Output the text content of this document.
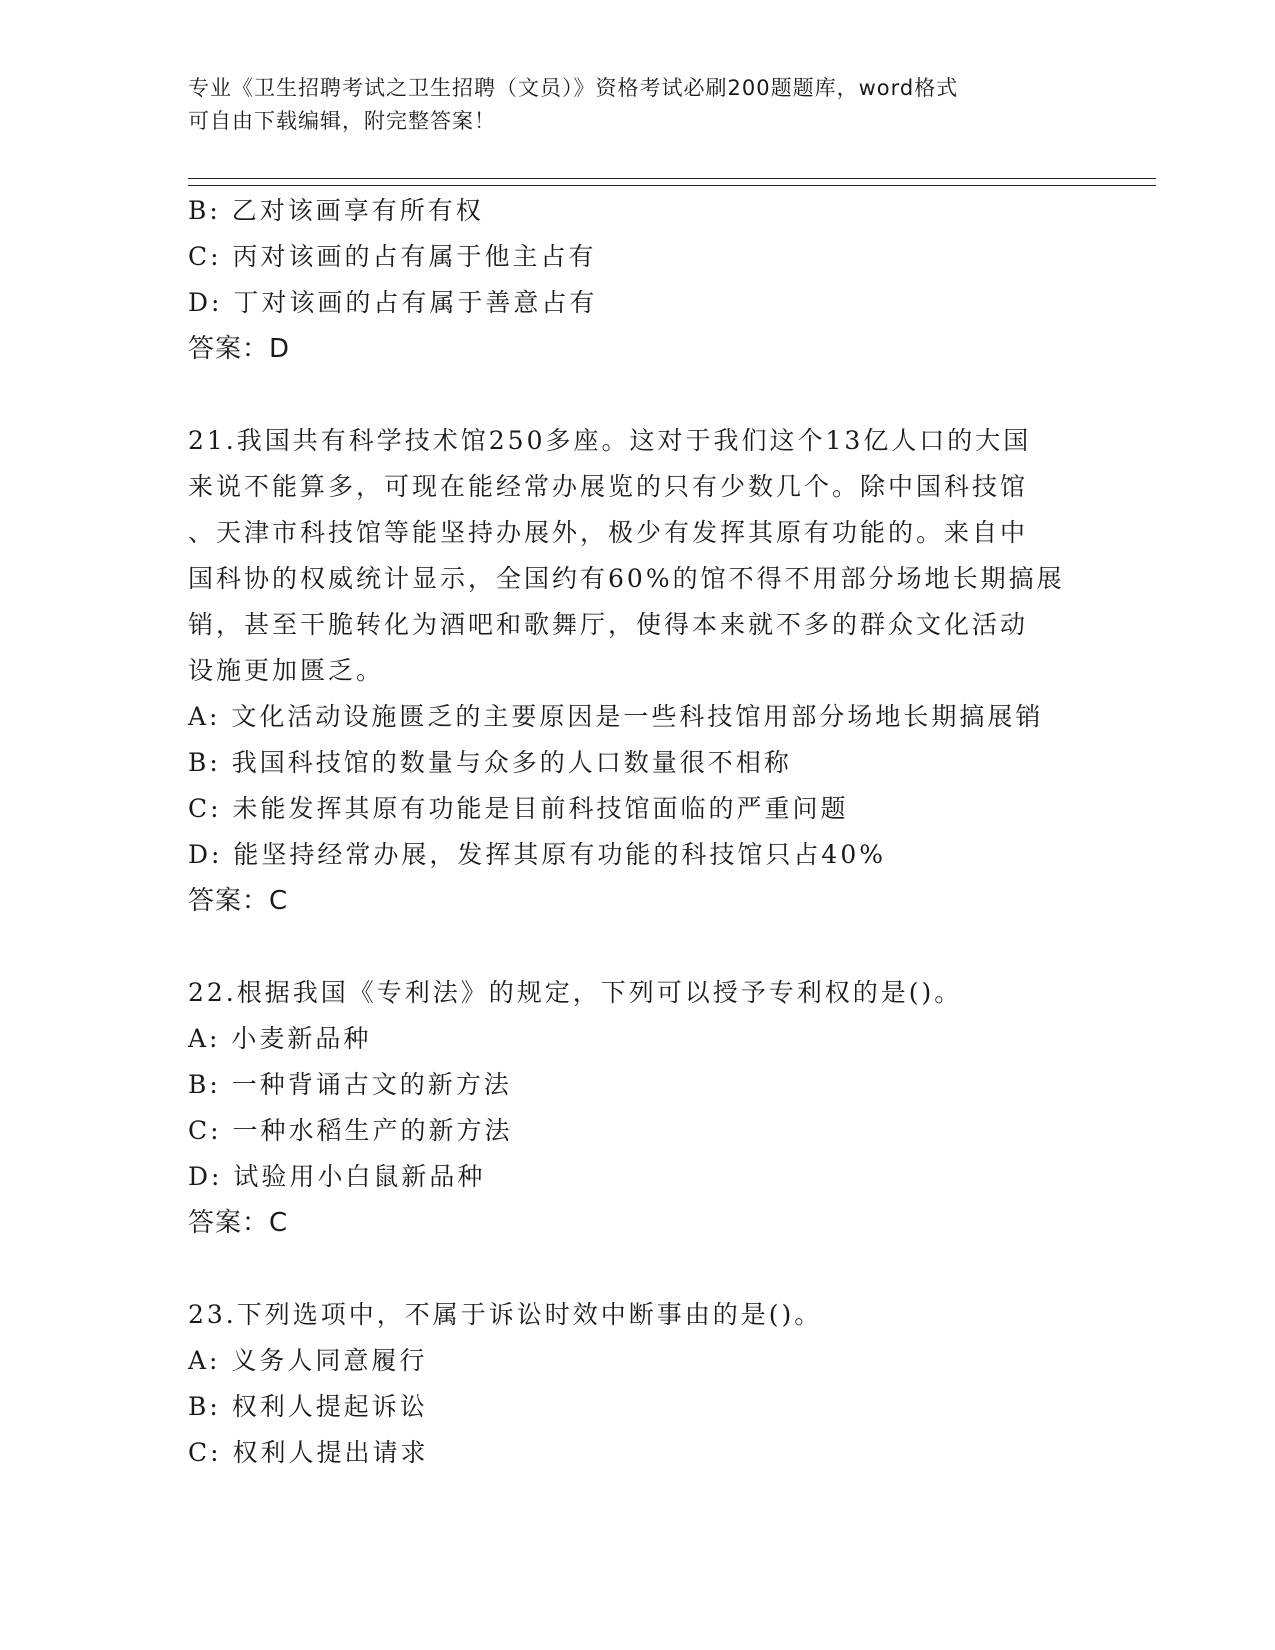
专业《卫生招聘考试之卫生招聘（文员）》资格考试必刷200题题库，word格式
可自由下载编辑，附完整答案！
B: 乙对该画享有所有权
C: 丙对该画的占有属于他主占有
D: 丁对该画的占有属于善意占有
答案：D
21.我国共有科学技术馆250多座。这对于我们这个13亿人口的大国
来说不能算多，可现在能经常办展览的只有少数几个。除中国科技馆
、天津市科技馆等能坚持办展外，极少有发挥其原有功能的。来自中
国科协的权威统计显示，全国约有60%的馆不得不用部分场地长期搞展
销，甚至干脆转化为酒吧和歌舞厅，使得本来就不多的群众文化活动
设施更加匮乏。
A: 文化活动设施匮乏的主要原因是一些科技馆用部分场地长期搞展销
B: 我国科技馆的数量与众多的人口数量很不相称
C: 未能发挥其原有功能是目前科技馆面临的严重问题
D: 能坚持经常办展，发挥其原有功能的科技馆只占40%
答案：C
22.根据我国《专利法》的规定，下列可以授予专利权的是()。
A: 小麦新品种
B: 一种背诵古文的新方法
C: 一种水稻生产的新方法
D: 试验用小白鼠新品种
答案：C
23.下列选项中，不属于诉讼时效中断事由的是()。
A: 义务人同意履行
B: 权利人提起诉讼
C: 权利人提出请求
